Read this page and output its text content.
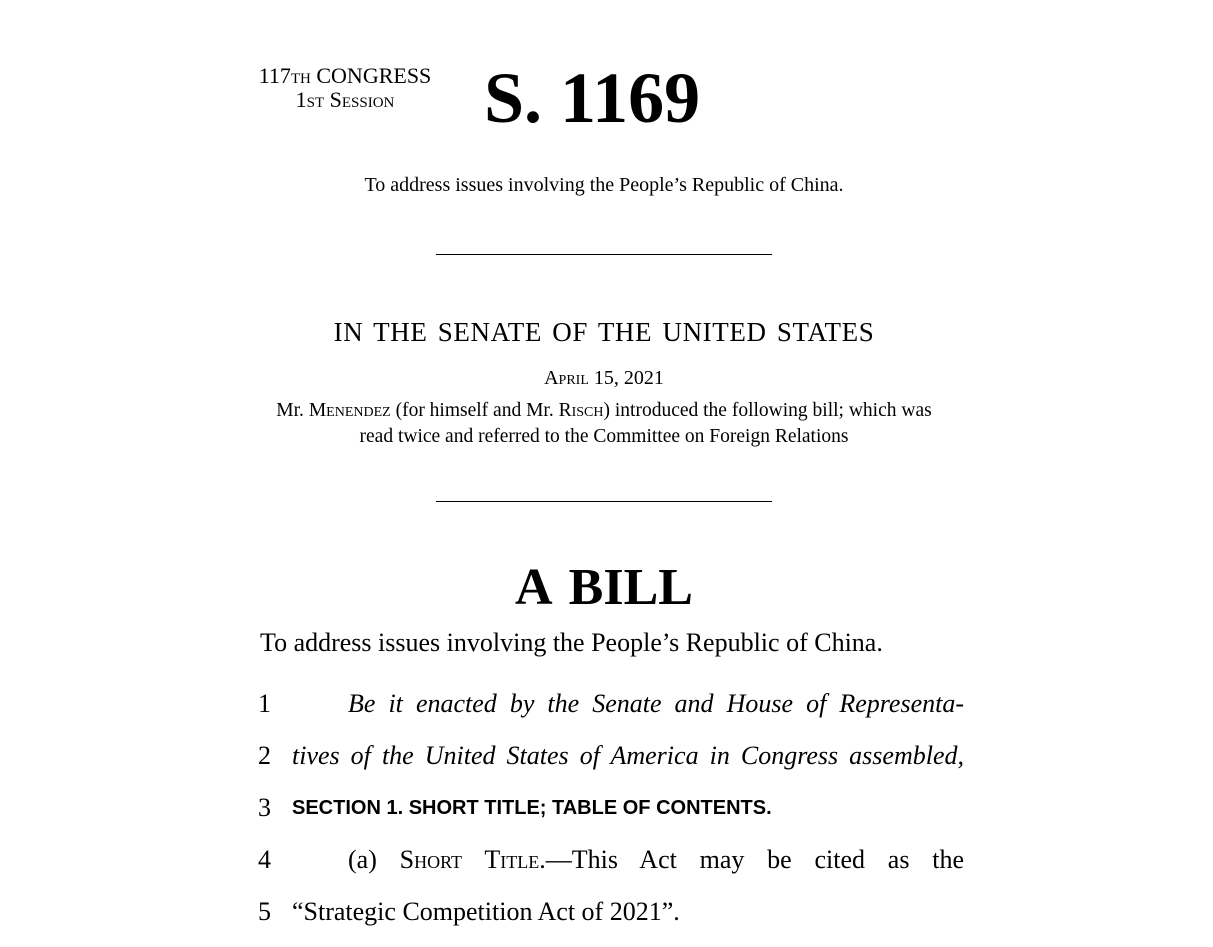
117th CONGRESS
1st Session	S. 1169
To address issues involving the People’s Republic of China.
IN THE SENATE OF THE UNITED STATES
April 15, 2021
Mr. Menendez (for himself and Mr. Risch) introduced the following bill; which was read twice and referred to the Committee on Foreign Relations
A BILL
To address issues involving the People’s Republic of China.
1	Be it enacted by the Senate and House of Representa-
2 tives of the United States of America in Congress assembled,
3	SECTION 1. SHORT TITLE; TABLE OF CONTENTS.
4	(a) Short Title.—This Act may be cited as the
5 “Strategic Competition Act of 2021”.
